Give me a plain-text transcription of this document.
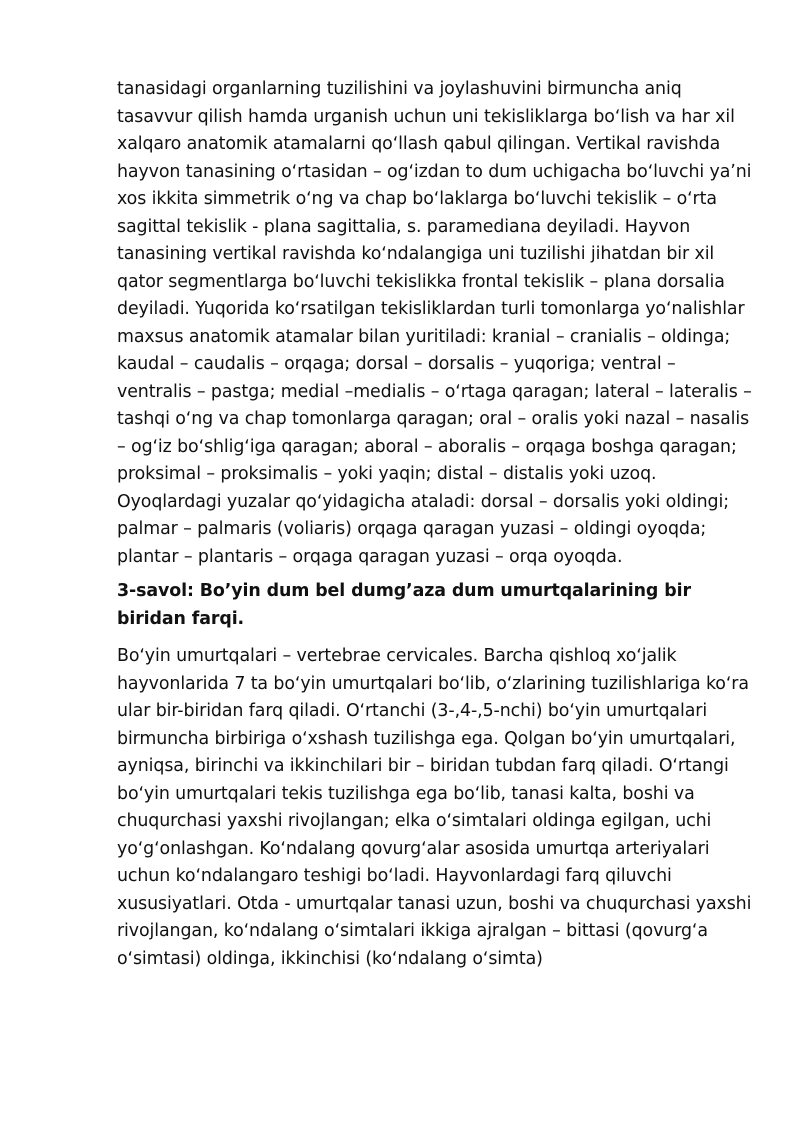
tanasidagi organlarning tuzilishini va joylashuvini birmuncha aniq tasavvur qilish hamda urganish uchun uni tekisliklarga boʻlish va har xil xalqaro anatomik atamalarni qoʻllash qabul qilingan. Vertikal ravishda hayvon tanasining oʻrtasidan – ogʻizdan to dum uchigacha boʻluvchi yaʼni xos ikkita simmetrik oʻng va chap boʻlaklarga boʻluvchi tekislik – oʻrta sagittal tekislik - plana sagittalia, s. paramediana deyiladi. Hayvon tanasining vertikal ravishda koʻndalangiga uni tuzilishi jihatdan bir xil qator segmentlarga boʻluvchi tekislikka frontal tekislik – plana dorsalia deyiladi. Yuqorida koʻrsatilgan tekisliklardan turli tomonlarga yoʻnalishlar maxsus anatomik atamalar bilan yuritiladi: kranial – cranialis – oldinga; kaudal – caudalis – orqaga; dorsal – dorsalis – yuqoriga; ventral – ventralis – pastga; medial –medialis – oʻrtaga qaragan; lateral – lateralis – tashqi oʻng va chap tomonlarga qaragan; oral – oralis yoki nazal – nasalis – ogʻiz boʻshligʻiga qaragan; aboral – aboralis – orqaga boshga qaragan; proksimal – proksimalis – yoki yaqin; distal – distalis yoki uzoq. Oyoqlardagi yuzalar qoʻyidagicha ataladi: dorsal – dorsalis yoki oldingi; palmar – palmaris (voliaris) orqaga qaragan yuzasi – oldingi oyoqda; plantar – plantaris – orqaga qaragan yuzasi – orqa oyoqda.

3-savol: Bo’yin dum bel dumg’aza dum umurtqalarining bir biridan farqi.

Boʻyin umurtqalari – vertebrae cervicales. Barcha qishloq xoʻjalik hayvonlarida 7 ta boʻyin umurtqalari boʻlib, oʻzlarining tuzilishlariga koʻra ular bir-biridan farq qiladi. Oʻrtanchi (3-,4-,5-nchi) boʻyin umurtqalari birmuncha birbiriga oʻxshash tuzilishga ega. Qolgan boʻyin umurtqalari, ayniqsa, birinchi va ikkinchilari bir – biridan tubdan farq qiladi. Oʻrtangi boʻyin umurtqalari tekis tuzilishga ega boʻlib, tanasi kalta, boshi va chuqurchasi yaxshi rivojlangan; elka oʻsimtalari oldinga egilgan, uchi yoʻgʻonlashgan. Koʻndalang qovurgʻalar asosida umurtqa arteriyalari uchun koʻndalangaro teshigi boʻladi. Hayvonlardagi farq qiluvchi xususiyatlari. Otda - umurtqalar tanasi uzun, boshi va chuqurchasi yaxshi rivojlangan, koʻndalang oʻsimtalari ikkiga ajralgan – bittasi (qovurgʻa oʻsimtasi) oldinga, ikkinchisi (koʻndalang oʻsimta)
